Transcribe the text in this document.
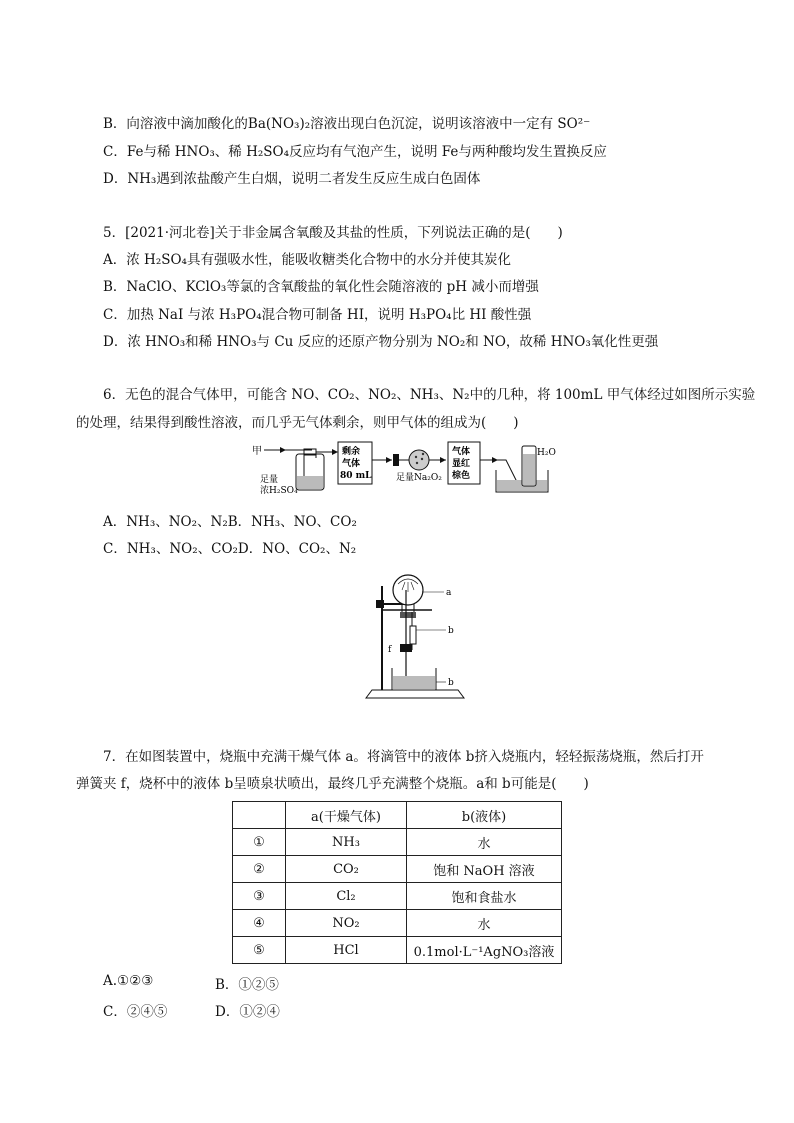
B．向溶液中滴加酸化的Ba(NO₃)₂溶液出现白色沉淀，说明该溶液中一定有 SO²⁻
C．Fe与稀 HNO₃、稀 H₂SO₄反应均有气泡产生，说明 Fe与两种酸均发生置换反应
D．NH₃遇到浓盐酸产生白烟，说明二者发生反应生成白色固体
5．[2021·河北卷]关于非金属含氧酸及其盐的性质，下列说法正确的是(　　)
A．浓 H₂SO₄具有强吸水性，能吸收糖类化合物中的水分并使其炭化
B．NaClO、KClO₃等氯的含氧酸盐的氧化性会随溶液的 pH 减小而增强
C．加热 NaI 与浓 H₃PO₄混合物可制备 HI，说明 H₃PO₄比 HI 酸性强
D．浓 HNO₃和稀 HNO₃与 Cu 反应的还原产物分别为 NO₂和 NO，故稀 HNO₃氧化性更强
6．无色的混合气体甲，可能含 NO、CO₂、NO₂、NH₃、N₂中的几种，将 100mL 甲气体经过如图所示实验
的处理，结果得到酸性溶液，而几乎无气体剩余，则甲气体的组成为(　　)
甲
足量
浓H₂SO₄
剩余
气体
80 mL	足量Na₂O₂
气体
显红
棕色
H₂O
A．NH₃、NO₂、N₂B．NH₃、NO、CO₂
C．NH₃、NO₂、CO₂D．NO、CO₂、N₂
a
b
f
b
7．在如图装置中，烧瓶中充满干燥气体 a。将滴管中的液体 b挤入烧瓶内，轻轻振荡烧瓶，然后打开
弹簧夹 f，烧杯中的液体 b呈喷泉状喷出，最终几乎充满整个烧瓶。a和 b可能是(　　)
	a(干燥气体)	b(液体)
①	NH₃	水
②	CO₂	饱和 NaOH 溶液
③	Cl₂	饱和食盐水
④	NO₂	水
⑤	HCl	0.1mol·L⁻¹AgNO₃溶液
A.①②③	B．①②⑤
C．②④⑤	D．①②④
